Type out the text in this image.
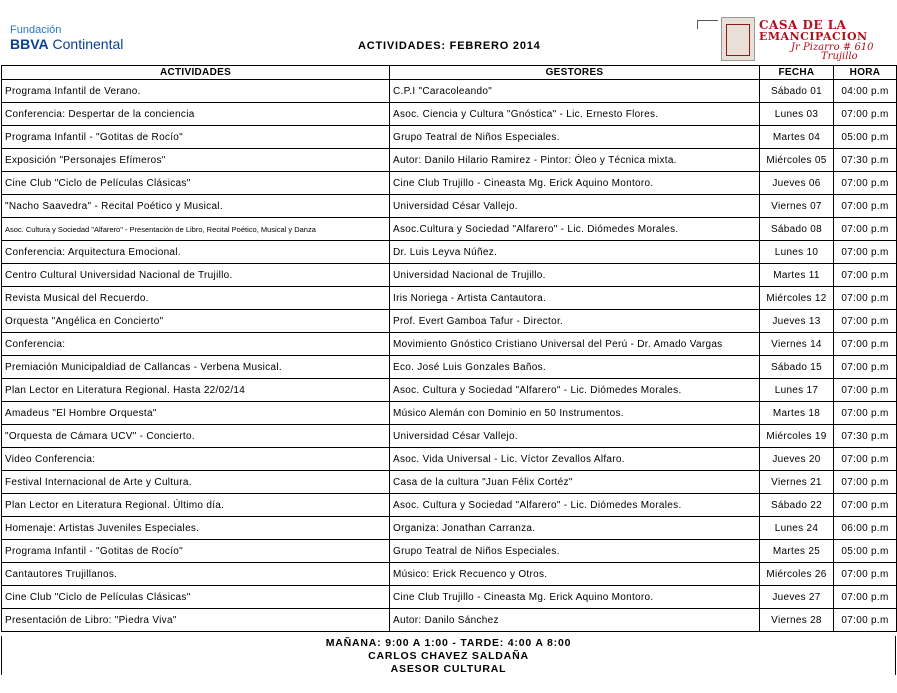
Fundación
BBVA Continental	ACTIVIDADES: FEBRERO 2014
CASA DE LA
EMANCIPACION
Jr Pizarro # 610
Trujillo
ACTIVIDADES	GESTORES	FECHA	HORA
Programa Infantil de Verano.	C.P.I "Caracoleando"	Sábado 01	04:00 p.m
Conferencia: Despertar de la conciencia	Asoc. Ciencia y Cultura "Gnóstica" - Lic. Ernesto Flores.	Lunes 03	07:00 p.m
Programa Infantil - "Gotitas de Rocío"	Grupo Teatral de Niños Especiales.	Martes 04	05:00 p.m
Exposición "Personajes Efímeros"	Autor: Danilo Hilario Ramirez - Pintor: Óleo y Técnica mixta.	Miércoles 05	07:30 p.m
Cine Club "Ciclo de Películas Clásicas"	Cine Club Trujillo - Cineasta Mg. Erick Aquino Montoro.	Jueves 06	07:00 p.m
"Nacho Saavedra" - Recital Poético y Musical.	Universidad César Vallejo.	Viernes 07	07:00 p.m
Asoc. Cultura y Sociedad "Alfarero" - Presentación de Libro, Recital Poético, Musical y Danza	Asoc.Cultura y Sociedad "Alfarero" - Lic. Diómedes Morales.	Sábado 08	07:00 p.m
Conferencia: Arquitectura Emocional.	Dr. Luis Leyva Núñez.	Lunes 10	07:00 p.m
Centro Cultural Universidad Nacional de Trujillo.	Universidad Nacional de Trujillo.	Martes 11	07:00 p.m
Revista Musical del Recuerdo.	Iris Noriega - Artista Cantautora.	Miércoles 12	07:00 p.m
Orquesta "Angélica en Concierto"	Prof. Evert Gamboa Tafur - Director.	Jueves 13	07:00 p.m
Conferencia:	Movimiento Gnóstico Cristiano Universal del Perú - Dr. Amado Vargas	Viernes 14	07:00 p.m
Premiación Municipaldiad de Callancas - Verbena Musical.	Eco. José Luis Gonzales Baños.	Sábado 15	07:00 p.m
Plan Lector en Literatura Regional. Hasta 22/02/14	Asoc. Cultura y Sociedad "Alfarero" - Lic. Diómedes Morales.	Lunes 17	07:00 p.m
Amadeus "El Hombre Orquesta"	Músico Alemán con Dominio en 50 Instrumentos.	Martes 18	07:00 p.m
"Orquesta de Cámara UCV" - Concierto.	Universidad César Vallejo.	Miércoles 19	07:30 p.m
Video Conferencia:	Asoc. Vida Universal - Lic. Víctor Zevallos Alfaro.	Jueves 20	07:00 p.m
Festival Internacional de Arte y Cultura.	Casa de la cultura "Juan Félix Cortéz"	Viernes 21	07:00 p.m
Plan Lector en Literatura Regional. Último día.	Asoc. Cultura y Sociedad "Alfarero" - Lic. Diómedes Morales.	Sábado 22	07:00 p.m
Homenaje: Artistas Juveniles Especiales.	Organiza: Jonathan Carranza.	Lunes 24	06:00 p.m
Programa Infantil - "Gotitas de Rocío"	Grupo Teatral de Niños Especiales.	Martes 25	05:00 p.m
Cantautores Trujillanos.	Músico: Erick Recuenco y Otros.	Miércoles 26	07:00 p.m
Cine Club "Ciclo de Películas Clásicas"	Cine Club Trujillo - Cineasta Mg. Erick Aquino Montoro.	Jueves 27	07:00 p.m
Presentación de Libro: "Piedra Viva"	Autor: Danilo Sánchez	Viernes 28	07:00 p.m
MAÑANA: 9:00 A 1:00 - TARDE: 4:00 A 8:00
CARLOS CHAVEZ SALDAÑA
ASESOR CULTURAL
